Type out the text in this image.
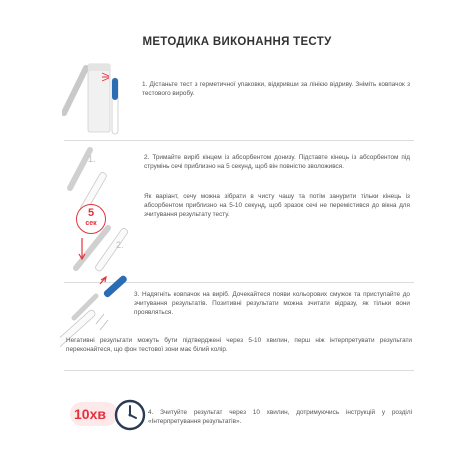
МЕТОДИКА ВИКОНАННЯ ТЕСТУ
1. Дістаньте тест з герметичної упаковки, відкривши за лінією відриву. Зніміть ковпачок з тестового виробу.
1.
2.
5
сек
2. Тримайте виріб кінцем із абсорбентом донизу. Підставте кінець із абсорбентом під струмінь сечі приблизно на 5 секунд, щоб він повністю зволожився.
Як варіант, сечу можна зібрати в чисту чашу та потім занурити тільки кінець із абсорбентом приблизно на 5-10 секунд, щоб зразок сечі не перемістився до вікна для зчитування результату тесту.
3. Надягніть ковпачок на виріб. Дочекайтеся появи кольорових смужок та приступайте до зчитування результатів. Позитивні результати можна зчитати відразу, як тільки вони проявляться.
Негативні результати можуть бути підтверджені через 5-10 хвилин, перш ніж інтерпретувати результати переконайтеся, що фон тестової зони має білий колір.
10хв	4. Зчитуйте результат через 10 хвилин, дотримуючись інструкцій у розділі «Інтерпретування результатів».
